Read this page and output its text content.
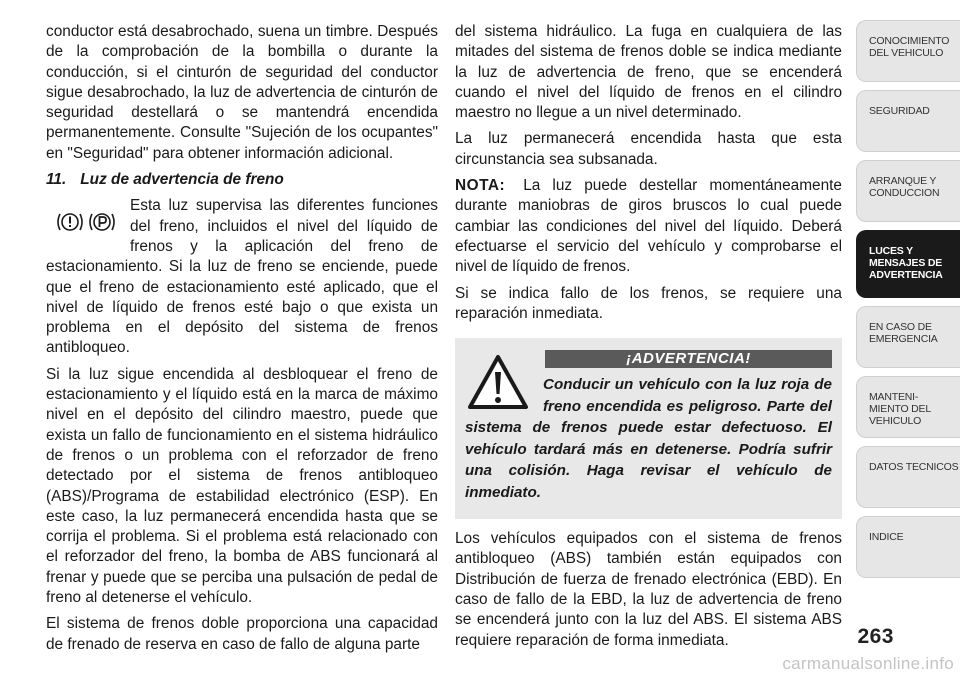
conductor está desabrochado, suena un timbre. Después de la comprobación de la bombilla o durante la conducción, si el cinturón de seguridad del conductor sigue desabrochado, la luz de advertencia de cinturón de seguridad destellará o se mantendrá encendida permanentemente. Consulte "Sujeción de los ocupantes" en "Seguridad" para obtener información adicional.

11. Luz de advertencia de freno

Esta luz supervisa las diferentes funciones del freno, incluidos el nivel del líquido de frenos y la aplicación del freno de estacionamiento. Si la luz de freno se enciende, puede que el freno de estacionamiento esté aplicado, que el nivel de líquido de frenos esté bajo o que exista un problema en el depósito del sistema de frenos antibloqueo.

Si la luz sigue encendida al desbloquear el freno de estacionamiento y el líquido está en la marca de máximo nivel en el depósito del cilindro maestro, puede que exista un fallo de funcionamiento en el sistema hidráulico de frenos o un problema con el reforzador de freno detectado por el sistema de frenos antibloqueo (ABS)/Programa de estabilidad electrónico (ESP). En este caso, la luz permanecerá encendida hasta que se corrija el problema. Si el problema está relacionado con el reforzador del freno, la bomba de ABS funcionará al frenar y puede que se perciba una pulsación de pedal de freno al detenerse el vehículo.

El sistema de frenos doble proporciona una capacidad de frenado de reserva en caso de fallo de alguna parte

del sistema hidráulico. La fuga en cualquiera de las mitades del sistema de frenos doble se indica mediante la luz de advertencia de freno, que se encenderá cuando el nivel del líquido de frenos en el cilindro maestro no llegue a un nivel determinado.

La luz permanecerá encendida hasta que esta circunstancia sea subsanada.

NOTA: La luz puede destellar momentáneamente durante maniobras de giros bruscos lo cual puede cambiar las condiciones del nivel del líquido. Deberá efectuarse el servicio del vehículo y comprobarse el nivel de líquido de frenos.

Si se indica fallo de los frenos, se requiere una reparación inmediata.

¡ADVERTENCIA!

Conducir un vehículo con la luz roja de freno encendida es peligroso. Parte del sistema de frenos puede estar defectuoso. El vehículo tardará más en detenerse. Podría sufrir una colisión. Haga revisar el vehículo de inmediato.

Los vehículos equipados con el sistema de frenos antibloqueo (ABS) también están equipados con Distribución de fuerza de frenado electrónica (EBD). En caso de fallo de la EBD, la luz de advertencia de freno se encenderá junto con la luz del ABS. El sistema ABS requiere reparación de forma inmediata.

CONOCIMIENTO DEL VEHICULO
SEGURIDAD
ARRANQUE Y CONDUCCION
LUCES Y MENSAJES DE ADVERTENCIA
EN CASO DE EMERGENCIA
MANTENI- MIENTO DEL VEHICULO
DATOS TECNICOS
INDICE
263
carmanualsonline.info
